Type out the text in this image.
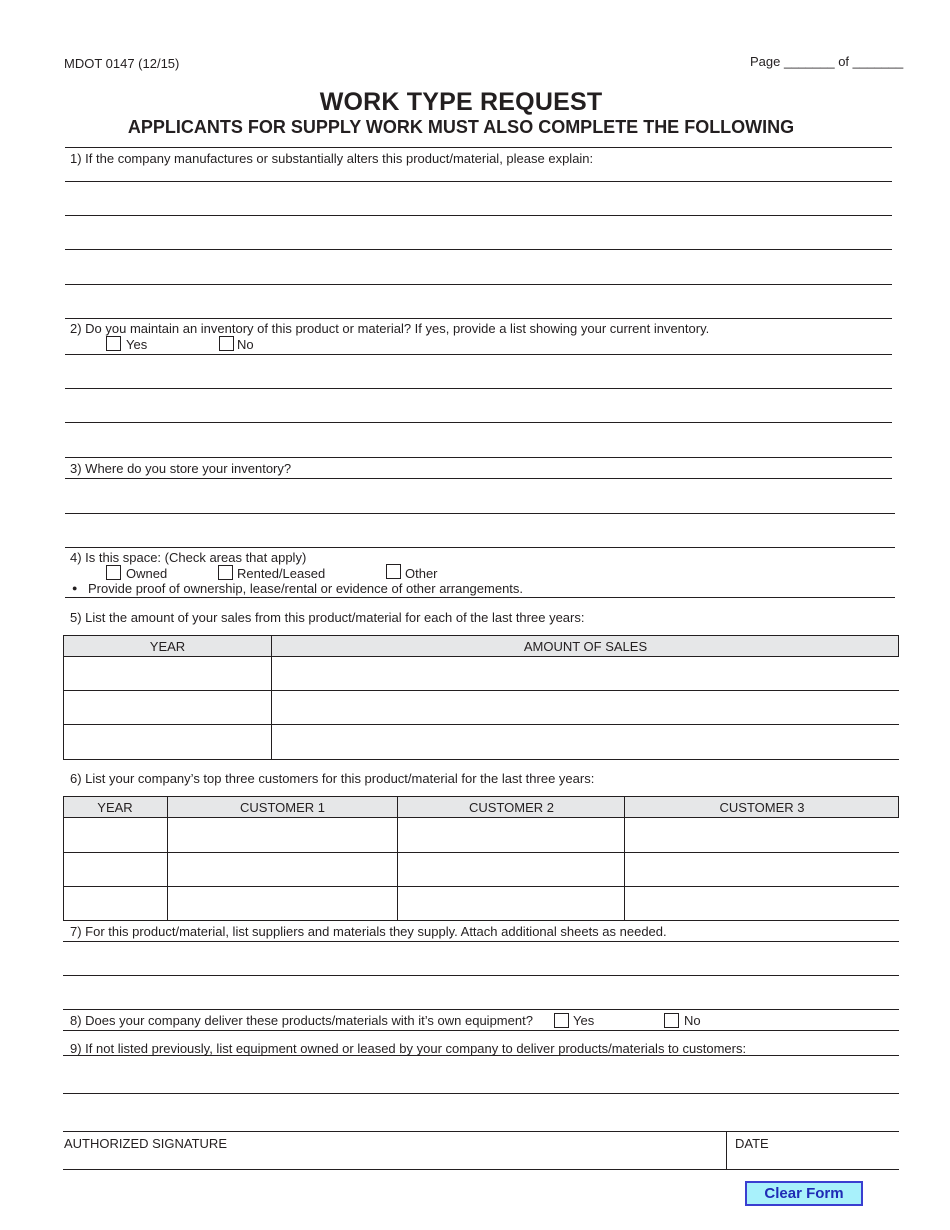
MDOT 0147 (12/15)	Page _______ of _______
WORK TYPE REQUEST
APPLICANTS FOR SUPPLY WORK MUST ALSO COMPLETE THE FOLLOWING
1) If the company manufactures or substantially alters this product/material, please explain:
2) Do you maintain an inventory of this product or material? If yes, provide a list showing your current inventory.
Yes	No
3) Where do you store your inventory?
4) Is this space: (Check areas that apply)
Owned	Rented/Leased	Other
● Provide proof of ownership, lease/rental or evidence of other arrangements.
5) List the amount of your sales from this product/material for each of the last three years:
YEAR	AMOUNT OF SALES
6) List your company’s top three customers for this product/material for the last three years:
YEAR	CUSTOMER 1	CUSTOMER 2	CUSTOMER 3
7) For this product/material, list suppliers and materials they supply. Attach additional sheets as needed.
8) Does your company deliver these products/materials with it’s own equipment?	Yes	No
9) If not listed previously, list equipment owned or leased by your company to deliver products/materials to customers:
AUTHORIZED SIGNATURE	DATE
Clear Form
